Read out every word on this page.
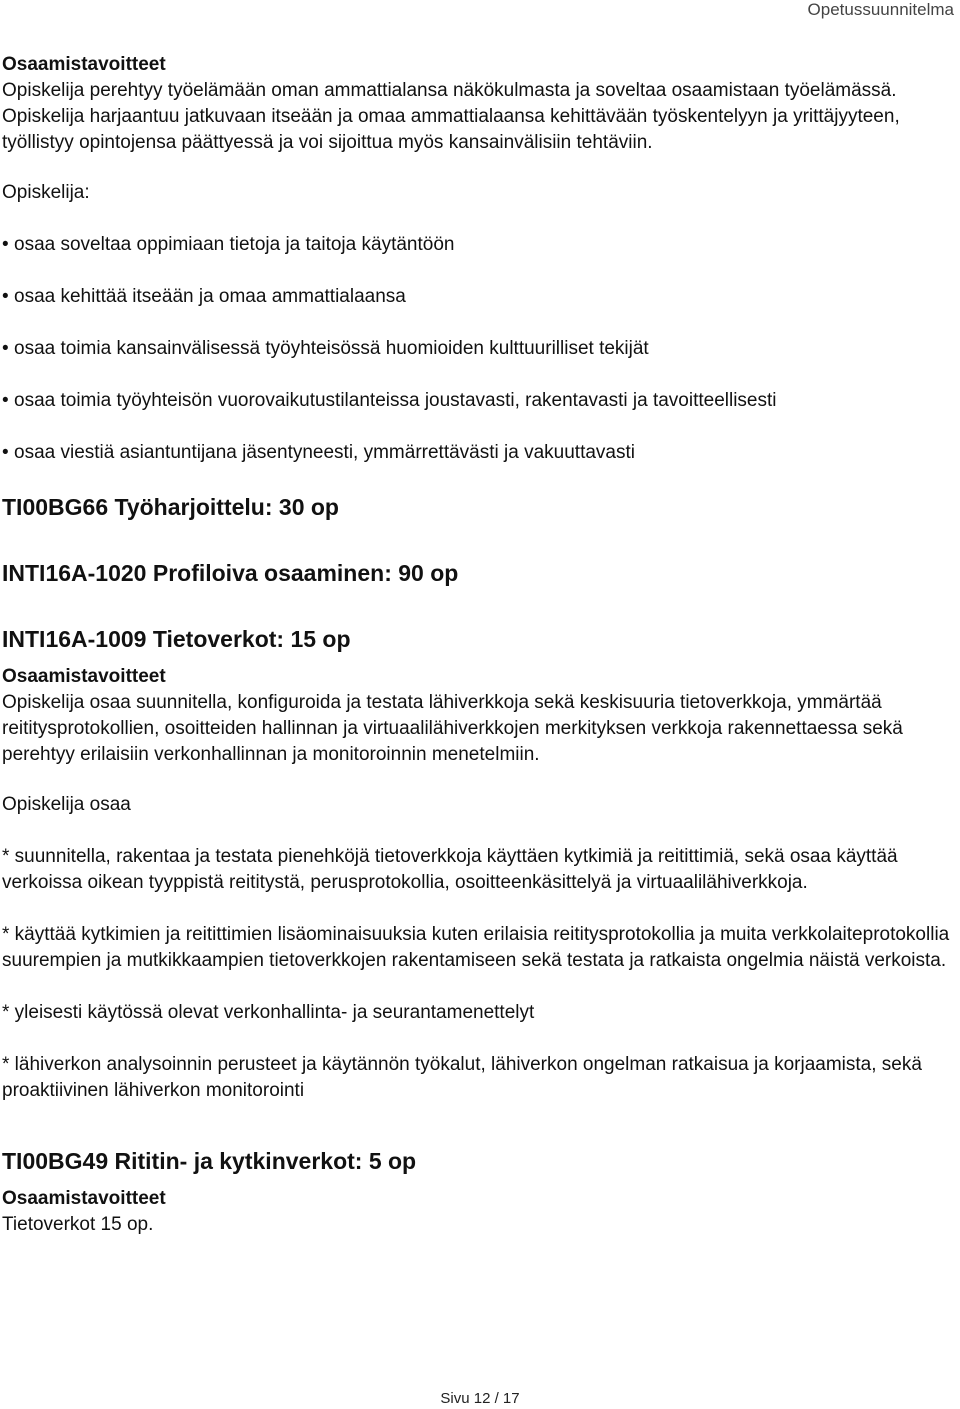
Opetussuunnitelma

Osaamistavoitteet

Opiskelija perehtyy työelämään oman ammattialansa näkökulmasta ja soveltaa osaamistaan työelämässä. Opiskelija harjaantuu jatkuvaan itseään ja omaa ammattialaansa kehittävään työskentelyyn ja yrittäjyyteen, työllistyy opintojensa päättyessä ja voi sijoittua myös kansainvälisiin tehtäviin.

Opiskelija:

• osaa soveltaa oppimiaan tietoja ja taitoja käytäntöön
• osaa kehittää itseään ja omaa ammattialaansa
• osaa toimia kansainvälisessä työyhteisössä huomioiden kulttuurilliset tekijät
• osaa toimia työyhteisön vuorovaikutustilanteissa joustavasti, rakentavasti ja tavoitteellisesti
• osaa viestiä asiantuntijana jäsentyneesti, ymmärrettävästi ja vakuuttavasti

TI00BG66 Työharjoittelu: 30 op

INTI16A-1020 Profiloiva osaaminen: 90 op

INTI16A-1009 Tietoverkot: 15 op

Osaamistavoitteet

Opiskelija osaa suunnitella, konfiguroida ja testata lähiverkkoja sekä keskisuuria tietoverkkoja, ymmärtää reititysprotokollien, osoitteiden hallinnan ja virtuaalilähiverkkojen merkityksen verkkoja rakennettaessa sekä perehtyy erilaisiin verkonhallinnan ja monitoroinnin menetelmiin.

Opiskelija osaa

* suunnitella, rakentaa ja testata pienehköjä tietoverkkoja käyttäen kytkimiä ja reitittimiä, sekä osaa käyttää verkoissa oikean tyyppistä reititystä, perusprotokollia, osoitteenkäsittelyä ja virtuaalilähiverkkoja.

* käyttää kytkimien ja reitittimien lisäominaisuuksia kuten erilaisia reititysprotokollia ja muita verkkolaiteprotokollia suurempien ja mutkikkaampien tietoverkkojen rakentamiseen sekä testata ja ratkaista ongelmia näistä verkoista.

* yleisesti käytössä olevat verkonhallinta- ja seurantamenettelyt

* lähiverkon analysoinnin perusteet ja käytännön työkalut, lähiverkon ongelman ratkaisua ja korjaamista, sekä proaktiivinen lähiverkon monitorointi

TI00BG49 Rititin- ja kytkinverkot: 5 op

Osaamistavoitteet

Tietoverkot 15 op.

Sivu 12 / 17
